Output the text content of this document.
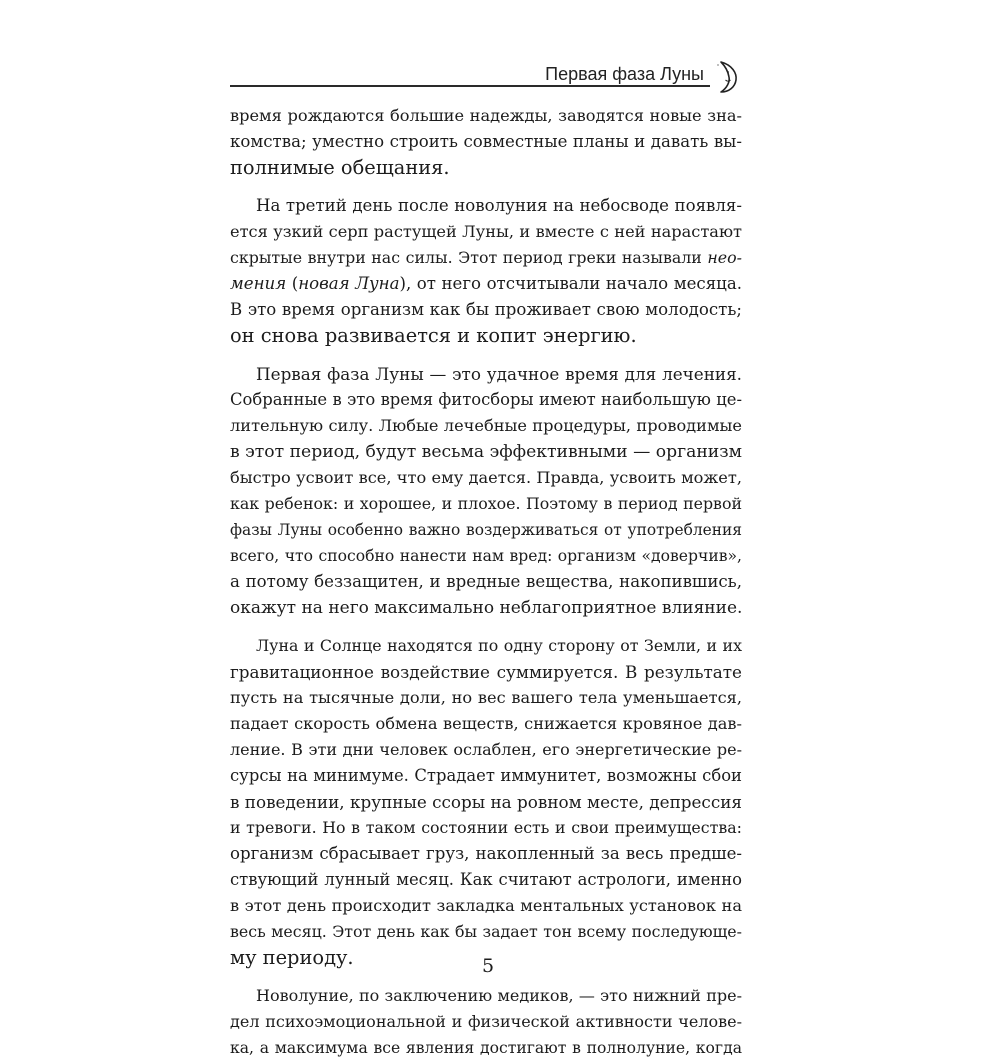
Первая фаза Луны
время рождаются большие надежды, заводятся новые зна-
комства; уместно строить совместные планы и давать вы-
полнимые обещания.
На третий день после новолуния на небосводе появля-
ется узкий серп растущей Луны, и вместе с ней нарастают
скрытые внутри нас силы. Этот период греки называли нео-
мения (новая Луна), от него отсчитывали начало месяца.
В это время организм как бы проживает свою молодость;
он снова развивается и копит энергию.
Первая фаза Луны — это удачное время для лечения.
Собранные в это время фитосборы имеют наибольшую це-
лительную силу. Любые лечебные процедуры, проводимые
в этот период, будут весьма эффективными — организм
быстро усвоит все, что ему дается. Правда, усвоить может,
как ребенок: и хорошее, и плохое. Поэтому в период первой
фазы Луны особенно важно воздерживаться от употребления
всего, что способно нанести нам вред: организм «доверчив»,
а потому беззащитен, и вредные вещества, накопившись,
окажут на него максимально неблагоприятное влияние.
Луна и Солнце находятся по одну сторону от Земли, и их
гравитационное воздействие суммируется. В результате
пусть на тысячные доли, но вес вашего тела уменьшается,
падает скорость обмена веществ, снижается кровяное дав-
ление. В эти дни человек ослаблен, его энергетические ре-
сурсы на минимуме. Страдает иммунитет, возможны сбои
в поведении, крупные ссоры на ровном месте, депрессия
и тревоги. Но в таком состоянии есть и свои преимущества:
организм сбрасывает груз, накопленный за весь предше-
ствующий лунный месяц. Как считают астрологи, именно
в этот день происходит закладка ментальных установок на
весь месяц. Этот день как бы задает тон всему последующе-
му периоду.
Новолуние, по заключению медиков, — это нижний пре-
дел психоэмоциональной и физической активности челове-
ка, а максимума все явления достигают в полнолуние, когда
5
